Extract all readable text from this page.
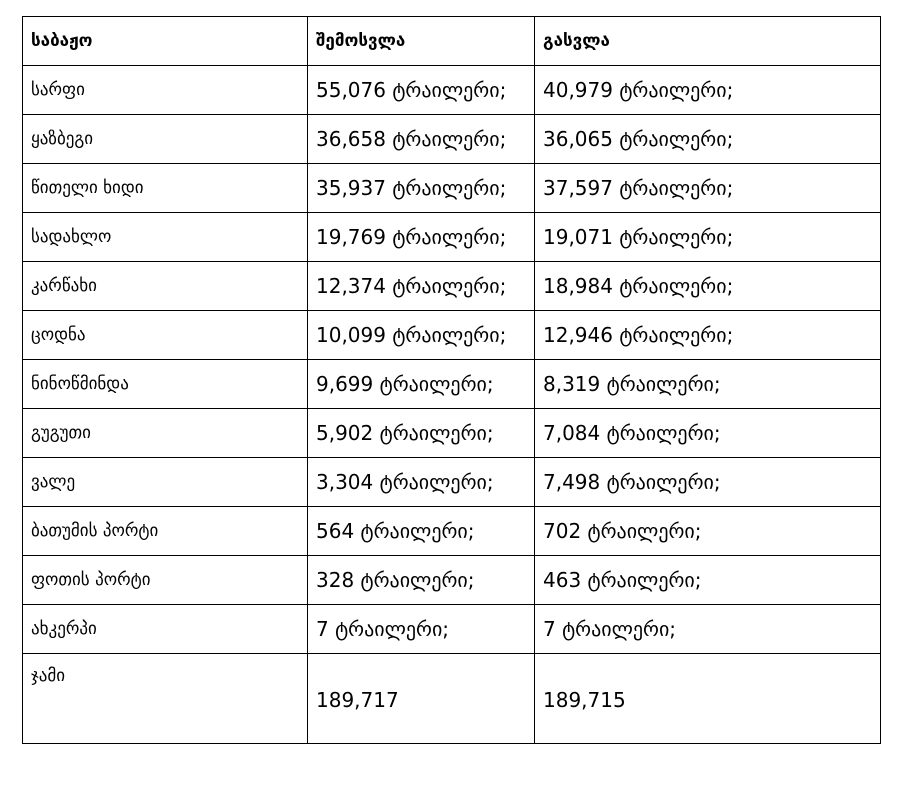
საბაჟო	შემოსვლა	გასვლა
სარფი	55,076 ტრაილერი;	40,979 ტრაილერი;
ყაზბეგი	36,658 ტრაილერი;	36,065 ტრაილერი;
წითელი ხიდი	35,937 ტრაილერი;	37,597 ტრაილერი;
სადახლო	19,769 ტრაილერი;	19,071 ტრაილერი;
კარწახი	12,374 ტრაილერი;	18,984 ტრაილერი;
ცოდნა	10,099 ტრაილერი;	12,946 ტრაილერი;
ნინოწმინდა	9,699 ტრაილერი;	8,319 ტრაილერი;
გუგუთი	5,902 ტრაილერი;	7,084 ტრაილერი;
ვალე	3,304 ტრაილერი;	7,498 ტრაილერი;
ბათუმის პორტი	564 ტრაილერი;	702 ტრაილერი;
ფოთის პორტი	328 ტრაილერი;	463 ტრაილერი;
ახკერპი	7 ტრაილერი;	7 ტრაილერი;
ჯამი	189,717	189,715
